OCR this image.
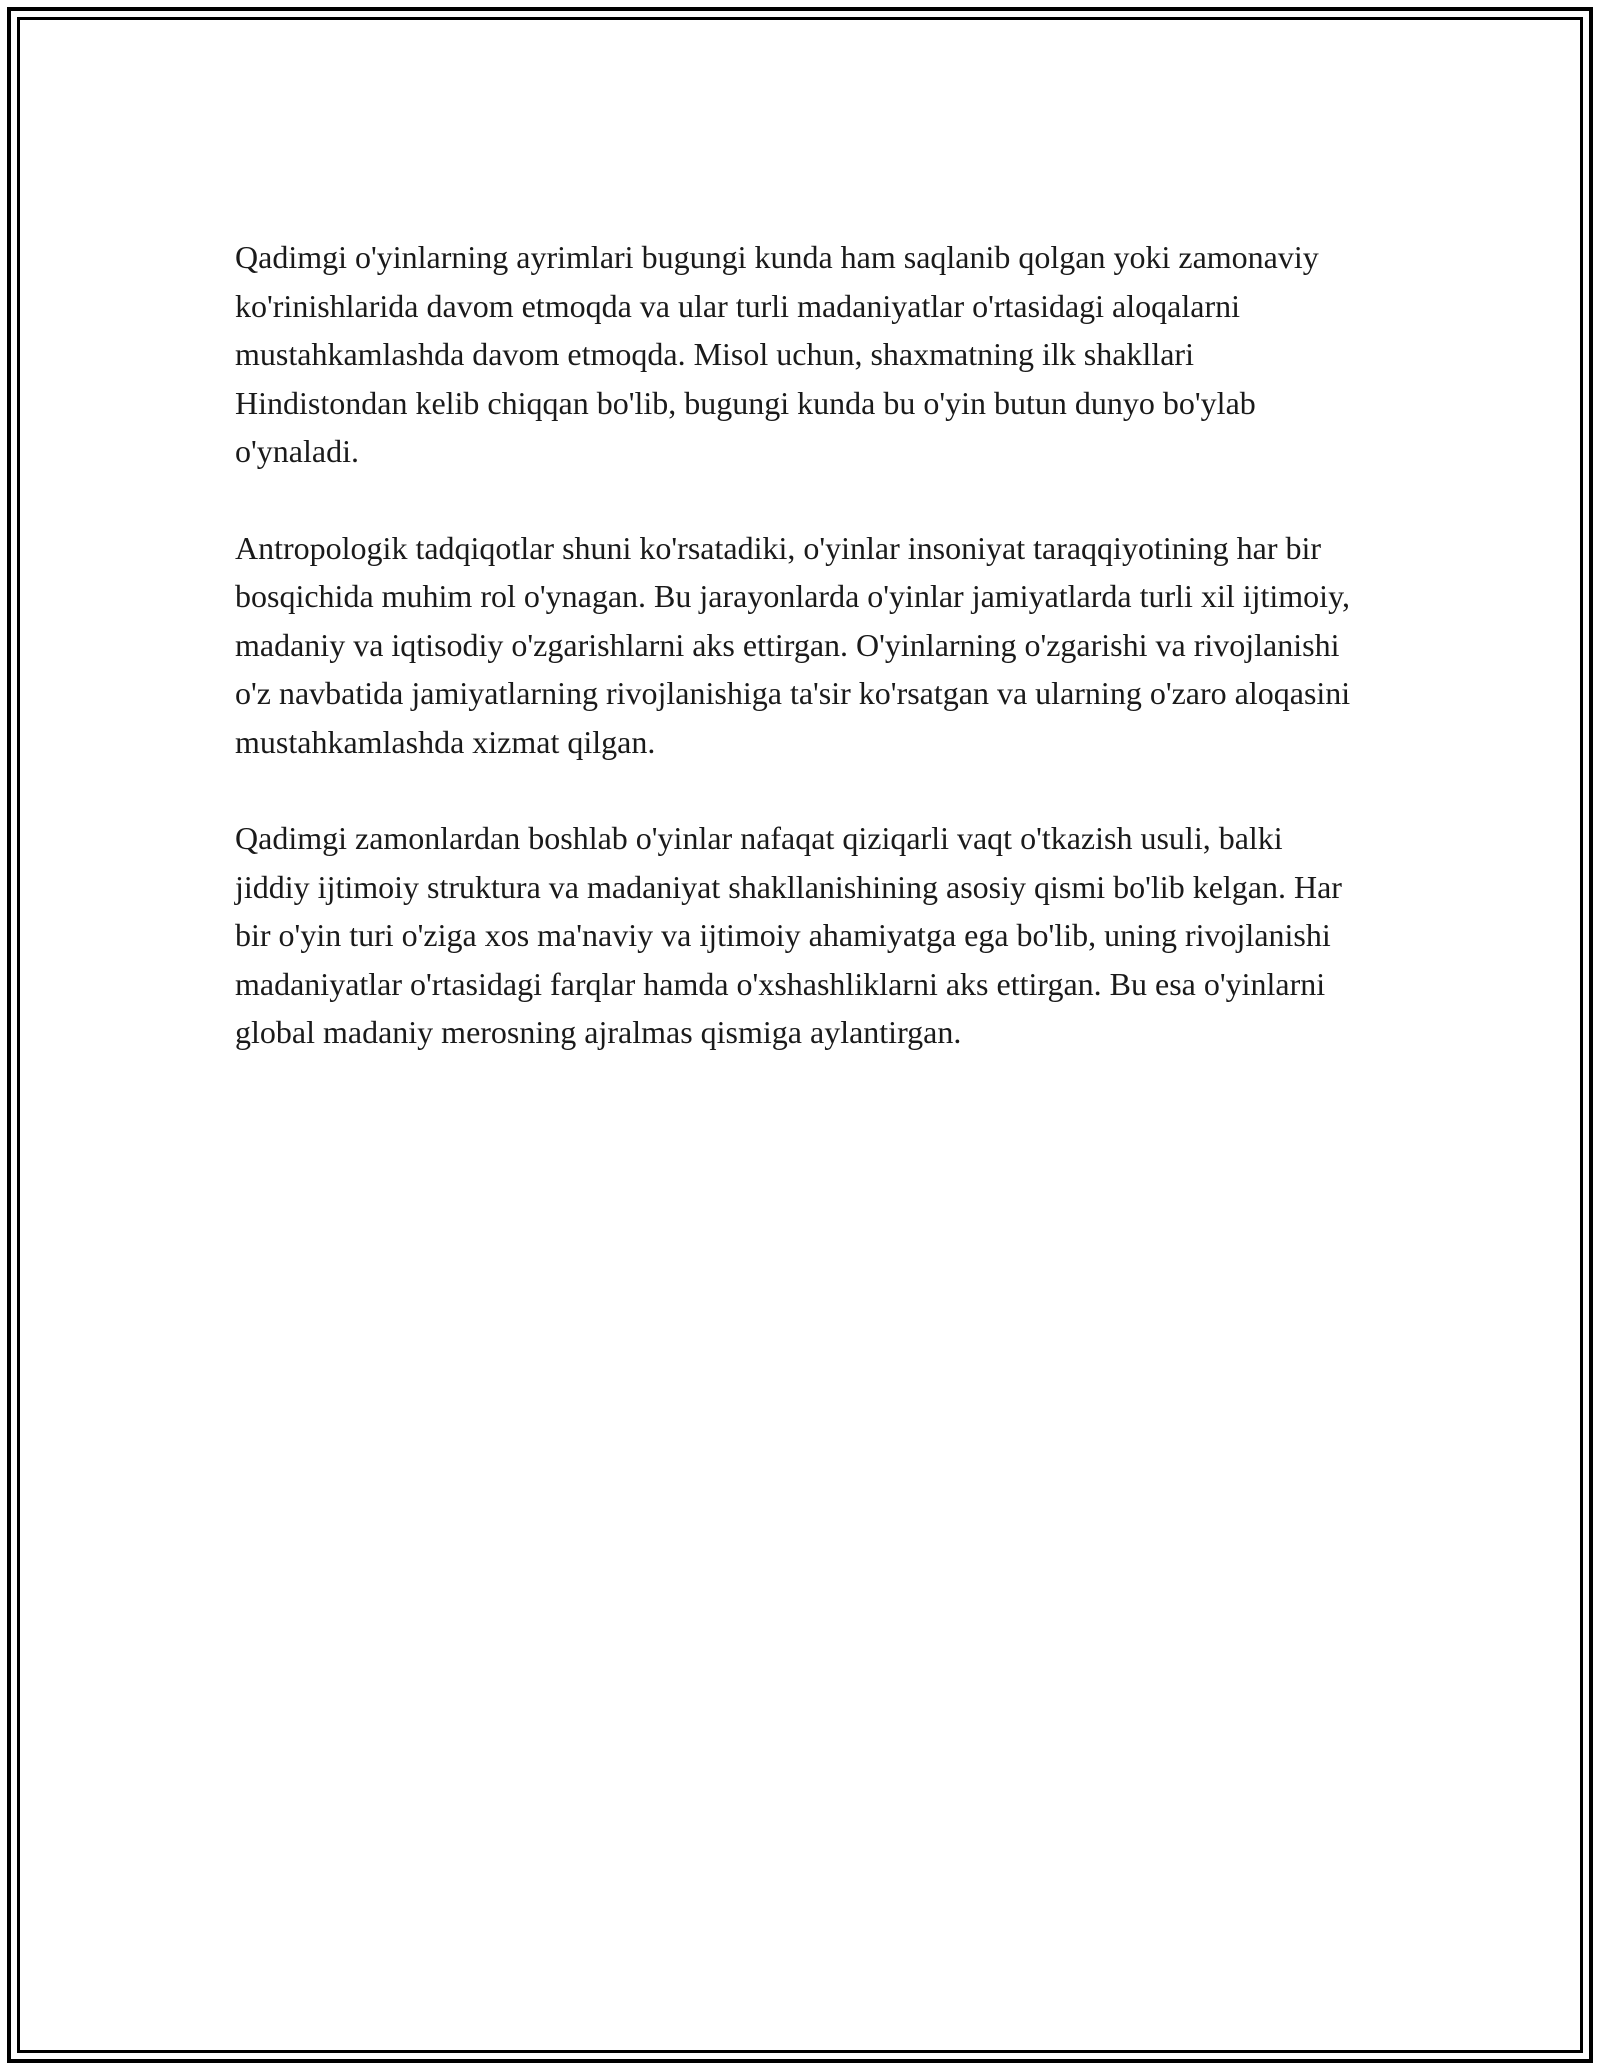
Qadimgi o'yinlarning ayrimlari bugungi kunda ham saqlanib qolgan yoki zamonaviy ko'rinishlarida davom etmoqda va ular turli madaniyatlar o'rtasidagi aloqalarni mustahkamlashda davom etmoqda. Misol uchun, shaxmatning ilk shakllari Hindistondan kelib chiqqan bo'lib, bugungi kunda bu o'yin butun dunyo bo'ylab o'ynaladi.

Antropologik tadqiqotlar shuni ko'rsatadiki, o'yinlar insoniyat taraqqiyotining har bir bosqichida muhim rol o'ynagan. Bu jarayonlarda o'yinlar jamiyatlarda turli xil ijtimoiy, madaniy va iqtisodiy o'zgarishlarni aks ettirgan. O'yinlarning o'zgarishi va rivojlanishi o'z navbatida jamiyatlarning rivojlanishiga ta'sir ko'rsatgan va ularning o'zaro aloqasini mustahkamlashda xizmat qilgan.

Qadimgi zamonlardan boshlab o'yinlar nafaqat qiziqarli vaqt o'tkazish usuli, balki jiddiy ijtimoiy struktura va madaniyat shakllanishining asosiy qismi bo'lib kelgan. Har bir o'yin turi o'ziga xos ma'naviy va ijtimoiy ahamiyatga ega bo'lib, uning rivojlanishi madaniyatlar o'rtasidagi farqlar hamda o'xshashliklarni aks ettirgan. Bu esa o'yinlarni global madaniy merosning ajralmas qismiga aylantirgan.
